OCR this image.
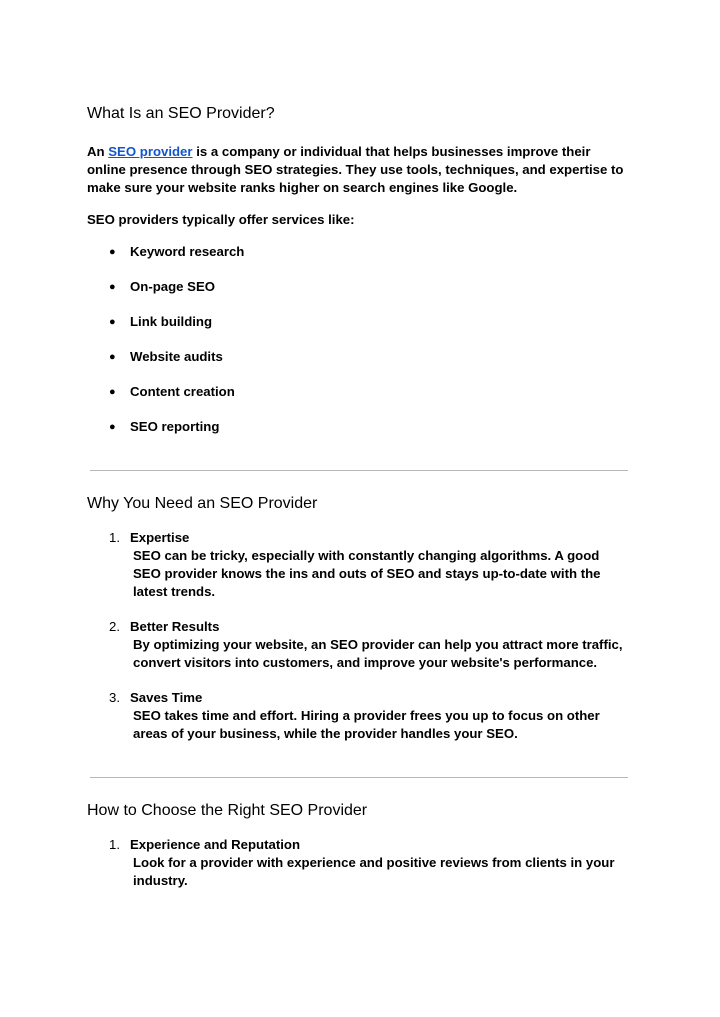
What Is an SEO Provider?

An SEO provider is a company or individual that helps businesses improve their online presence through SEO strategies. They use tools, techniques, and expertise to make sure your website ranks higher on search engines like Google.

SEO providers typically offer services like:

● Keyword research
● On-page SEO
● Link building
● Website audits
● Content creation
● SEO reporting
Why You Need an SEO Provider
1. Expertise
SEO can be tricky, especially with constantly changing algorithms. A good SEO provider knows the ins and outs of SEO and stays up-to-date with the latest trends.
2. Better Results
By optimizing your website, an SEO provider can help you attract more traffic, convert visitors into customers, and improve your website's performance.
3. Saves Time
SEO takes time and effort. Hiring a provider frees you up to focus on other areas of your business, while the provider handles your SEO.
How to Choose the Right SEO Provider
1. Experience and Reputation
Look for a provider with experience and positive reviews from clients in your industry.
